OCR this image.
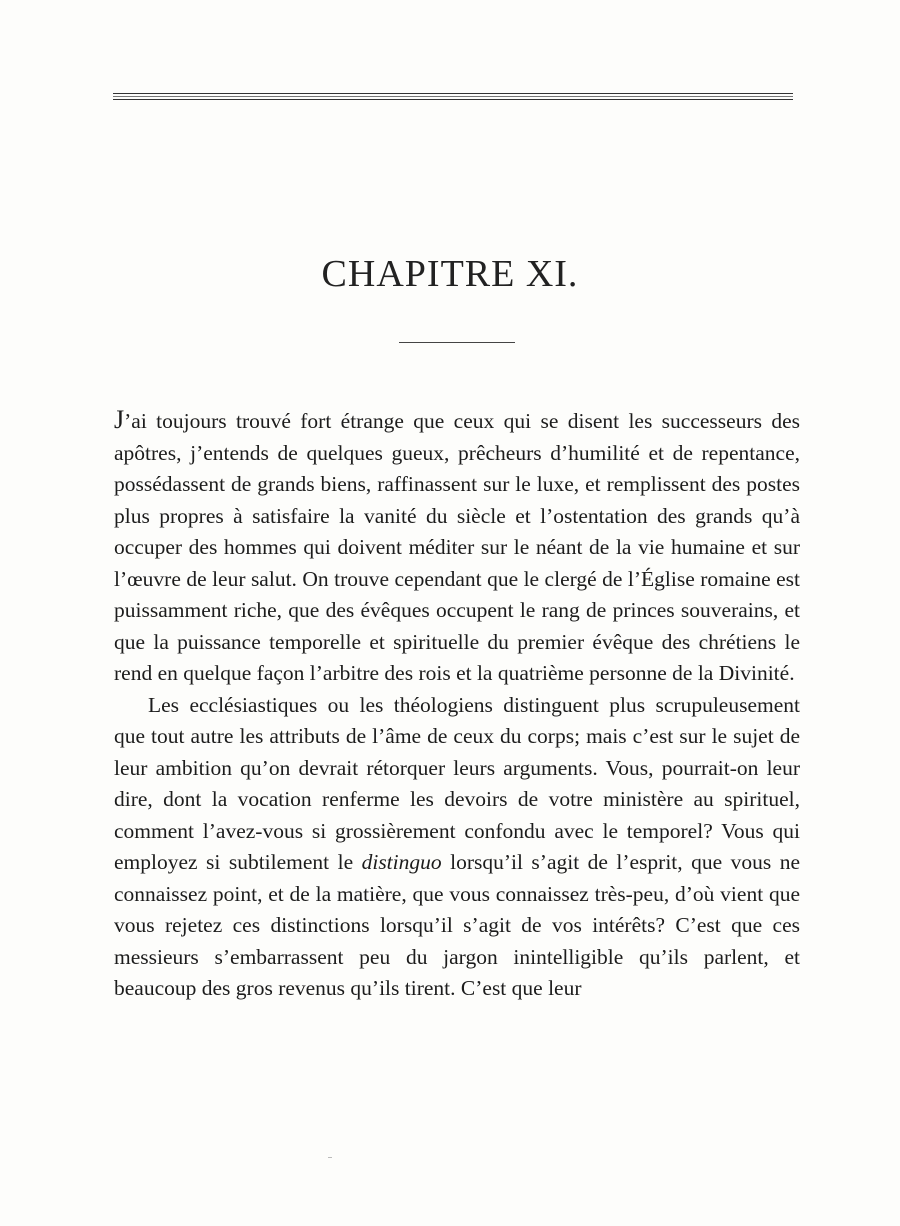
CHAPITRE XI.

J’ai toujours trouvé fort étrange que ceux qui se disent les successeurs des apôtres, j’entends de quelques gueux, prêcheurs d’humilité et de repentance, possédassent de grands biens, raffinassent sur le luxe, et remplissent des postes plus propres à satisfaire la vanité du siècle et l’ostentation des grands qu’à occuper des hommes qui doivent méditer sur le néant de la vie humaine et sur l’œuvre de leur salut. On trouve cependant que le clergé de l’Église romaine est puissamment riche, que des évêques occupent le rang de princes souverains, et que la puissance temporelle et spirituelle du premier évêque des chrétiens le rend en quelque façon l’arbitre des rois et la quatrième personne de la Divinité.

Les ecclésiastiques ou les théologiens distinguent plus scrupuleusement que tout autre les attributs de l’âme de ceux du corps; mais c’est sur le sujet de leur ambition qu’on devrait rétorquer leurs arguments. Vous, pourrait-on leur dire, dont la vocation renferme les devoirs de votre ministère au spirituel, comment l’avez-vous si grossièrement confondu avec le temporel? Vous qui employez si subtilement le distinguo lorsqu’il s’agit de l’esprit, que vous ne connaissez point, et de la matière, que vous connaissez très-peu, d’où vient que vous rejetez ces distinctions lorsqu’il s’agit de vos intérêts? C’est que ces messieurs s’embarrassent peu du jargon inintelligible qu’ils parlent, et beaucoup des gros revenus qu’ils tirent. C’est que leur
